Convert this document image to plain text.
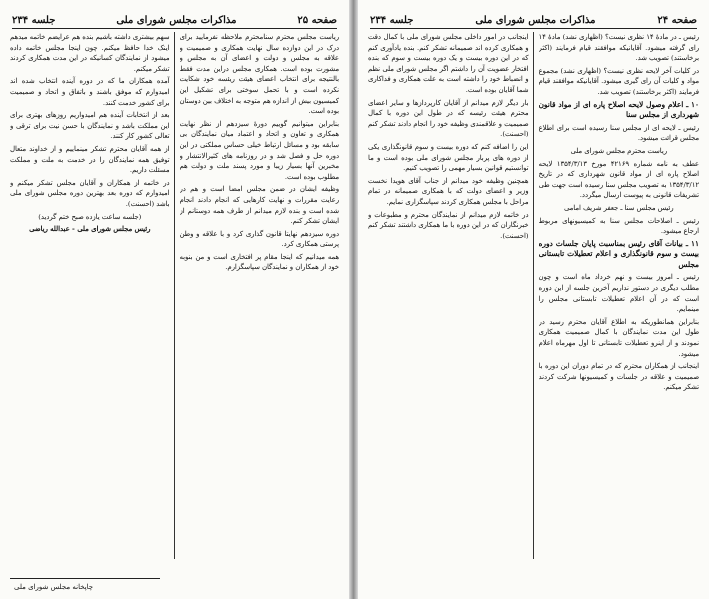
صفحه ۲۵
مذاکرات مجلس شورای ملی
جلسه ۲۳۴

ریاست مجلس محترم سنامحترم ملاحظه نفرمایید برای درک در این دوازده سال نهایت همکاری و صمیمیت و علاقه به مجلس و دولت و اعضای آن به مجلس و مشورت بوده است. همکاری مجلس دراین مدت فقط بالنتیجه برای انتخاب اعضای هیئت ریئسه خود شکایت نکرده است و با تحمل سوختی برای تشکیل این کمیسیون بیش از اندازه هم متوجه به اختلاف بین دوستان بوده است.

بنابراین میتوانیم گوییم دورهٔ سیزدهم از نظر نهایت همکاری و تعاون و اتحاد و اعتماد میان نمایندگان بی سابقه بود و مسائل ارتباط خیلی حساس مملکتی در این دوره حل و فصل شد و در روزنامه های کثیرالانتشار و مخبرین آنها بسیار زیبا و مورد پسند ملت و دولت هم مطلوب بوده است.

وظیفه ایشان در ضمن مجلس امضا است و هم در رعایت مقررات و نهایت کارهایی که انجام دادند انجام شده است و بنده لازم میدانم از طرف همه دوستانم از ایشان تشکر کنم.

دوره سیزدهم نهایتا قانون گذاری کرد و با علاقه و وطن پرستی همکاری کرد.

همه میدانیم که اینجا مقام پر افتخاری است و من بنوبه خود از همکاران و نمایندگان سپاسگزارم.

سهم بیشتری داشته باشیم بنده هم عرایضم خاتمه میدهم اینک خدا حافظ میکنم. چون اینجا مجلس خاتمه داده میشود از نمایندگان کسانیکه در این مدت همکاری کردند تشکر میکنم.

آمده همکاران ما که در دوره آینده انتخاب شده اند امیدوارم که موفق باشند و باتفاق و اتحاد و صمیمیت برای کشور خدمت کنند.

بعد از انتخابات آینده هم امیدواریم روزهای بهتری برای این مملکت باشد و نمایندگان با حسن نیت برای ترقی و تعالی کشور کار کنند.

از همه آقایان محترم تشکر مینماییم و از خداوند متعال توفیق همه نمایندگان را در خدمت به ملت و مملکت مسئلت داریم.

در خاتمه از همکاران و آقایان مجلس تشکر میکنم و امیدوارم که دوره بعد بهترین دوره مجلس شورای ملی باشد (احسنت).

(جلسه ساعت یازده صبح ختم گردید)

رئیس مجلس شورای ملی - عبدالله ریاضی

چاپخانه مجلس شورای ملی
صفحه ۲۴
مذاکرات مجلس شورای ملی
جلسه ۲۳۴

رئیس ـ در مادهٔ ۱۴ نظری نیست؟ (اظهاری نشد) مادهٔ ۱۴ رای گرفته میشود. آقایانیکه موافقند قیام فرمایند (اکثر برخاستند) تصویب شد.

در کلیات آخر لایحه نظری نیست؟ (اظهاری نشد) مجموع مواد و کلیات آن رای گیری میشود. آقایانیکه موافقند قیام فرمایند (اکثر برخاستند) تصویب شد.

۱۰ ـ اعلام وصول لایحه اصلاح پاره ای از مواد قانون شهرداری از مجلس سنا

رئیس ـ لایحه ای از مجلس سنا رسیده است برای اطلاع مجلس قرائت میشود.

ریاست محترم مجلس شورای ملی

عطف به نامه شماره ۴۲۱۶۹ مورخ ۱۳۵۴/۳/۱۳ لایحه اصلاح پاره ای از مواد قانون شهرداری که در تاریخ ۱۳۵۴/۳/۱۲ به تصویب مجلس سنا رسیده است جهت طی تشریفات قانونی به پیوست ارسال میگردد.

رئیس مجلس سنا ـ جعفر شریف امامی

رئیس ـ اصلاحات مجلس سنا به کمیسیونهای مربوط ارجاع میشود.

۱۱ ـ بیانات آقای رئیس بمناسبت پایان جلسات دوره بیست و سوم قانونگذاری و اعلام تعطیلات تابستانی مجلس

رئیس ـ امروز بیست و نهم خرداد ماه است و چون مطلب دیگری در دستور نداریم آخرین جلسه از این دوره است که در آن اعلام تعطیلات تابستانی مجلس را مینمایم.

بنابراین همانطوریکه به اطلاع آقایان محترم رسید در طول این مدت نمایندگان با کمال صمیمیت همکاری نمودند و از اینرو تعطیلات تابستانی تا اول مهرماه اعلام میشود.

اینجانب از همکاران محترم که در تمام دوران این دوره با صمیمیت و علاقه در جلسات و کمیسیونها شرکت کردند تشکر میکنم.

اینجانب در امور داخلی مجلس شورای ملی با کمال دقت و همکاری کرده اند صمیمانه تشکر کنم. بنده یادآوری کنم که در این دوره بیست و یک دوره بیست و سوم که بنده افتخار عضویت آن را داشتم اگر مجلس شورای ملی نظم و انضباط خود را داشته است به علت همکاری و فداکاری شما آقایان بوده است.

بار دیگر لازم میدانم از آقایان کارپردازها و سایر اعضای محترم هیئت رئیسه که در طول این دوره با کمال صمیمیت و علاقمندی وظیفه خود را انجام دادند تشکر کنم (احسنت).

این را اضافه کنم که دوره بیست و سوم قانونگذاری یکی از دوره های پربار مجلس شورای ملی بوده است و ما توانستیم قوانین بسیار مهمی را تصویب کنیم.

همچنین وظیفه خود میدانم از جناب آقای هویدا نخست وزیر و اعضای دولت که با همکاری صمیمانه در تمام مراحل با مجلس همکاری کردند سپاسگزاری نمایم.

در خاتمه لازم میدانم از نمایندگان محترم و مطبوعات و خبرنگاران که در این دوره با ما همکاری داشتند تشکر کنم (احسنت).
